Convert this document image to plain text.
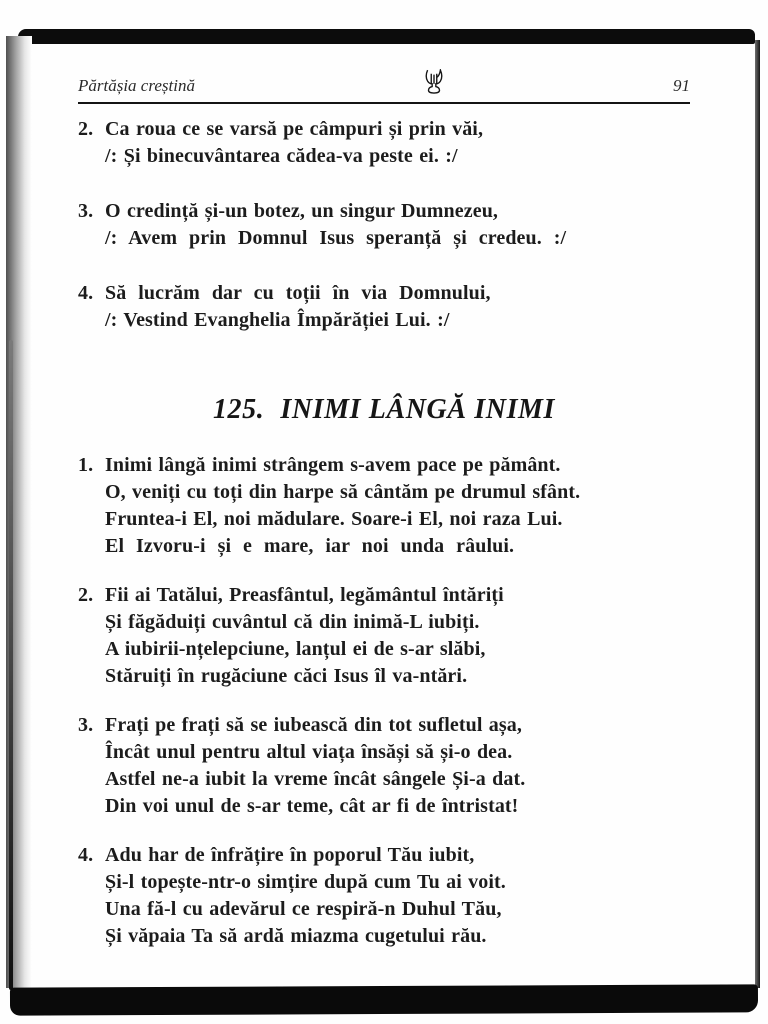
Părtășia creștină	91
2. Ca roua ce se varsă pe câmpuri și prin văi,
/: Și binecuvântarea cădea-va peste ei. :/
3. O credință și-un botez, un singur Dumnezeu,
/: Avem prin Domnul Isus speranță și credeu. :/
4. Să lucrăm dar cu toții în via Domnului,
/: Vestind Evanghelia Împărăției Lui. :/
125. INIMI LÂNGĂ INIMI
1. Inimi lângă inimi strângem s-avem pace pe pământ.
O, veniți cu toți din harpe să cântăm pe drumul sfânt.
Fruntea-i El, noi mădulare. Soare-i El, noi raza Lui.
El Izvoru-i și e mare, iar noi unda râului.
2. Fii ai Tatălui, Preasfântul, legământul întăriți
Și făgăduiți cuvântul că din inimă-L iubiți.
A iubirii-nțelepciune, lanțul ei de s-ar slăbi,
Stăruiți în rugăciune căci Isus îl va-ntări.
3. Frați pe frați să se iubească din tot sufletul așa,
Încât unul pentru altul viața însăși să și-o dea.
Astfel ne-a iubit la vreme încât sângele Și-a dat.
Din voi unul de s-ar teme, cât ar fi de întristat!
4. Adu har de înfrățire în poporul Tău iubit,
Și-l topește-ntr-o simțire după cum Tu ai voit.
Una fă-l cu adevărul ce respiră-n Duhul Tău,
Și văpaia Ta să ardă miazma cugetului rău.
